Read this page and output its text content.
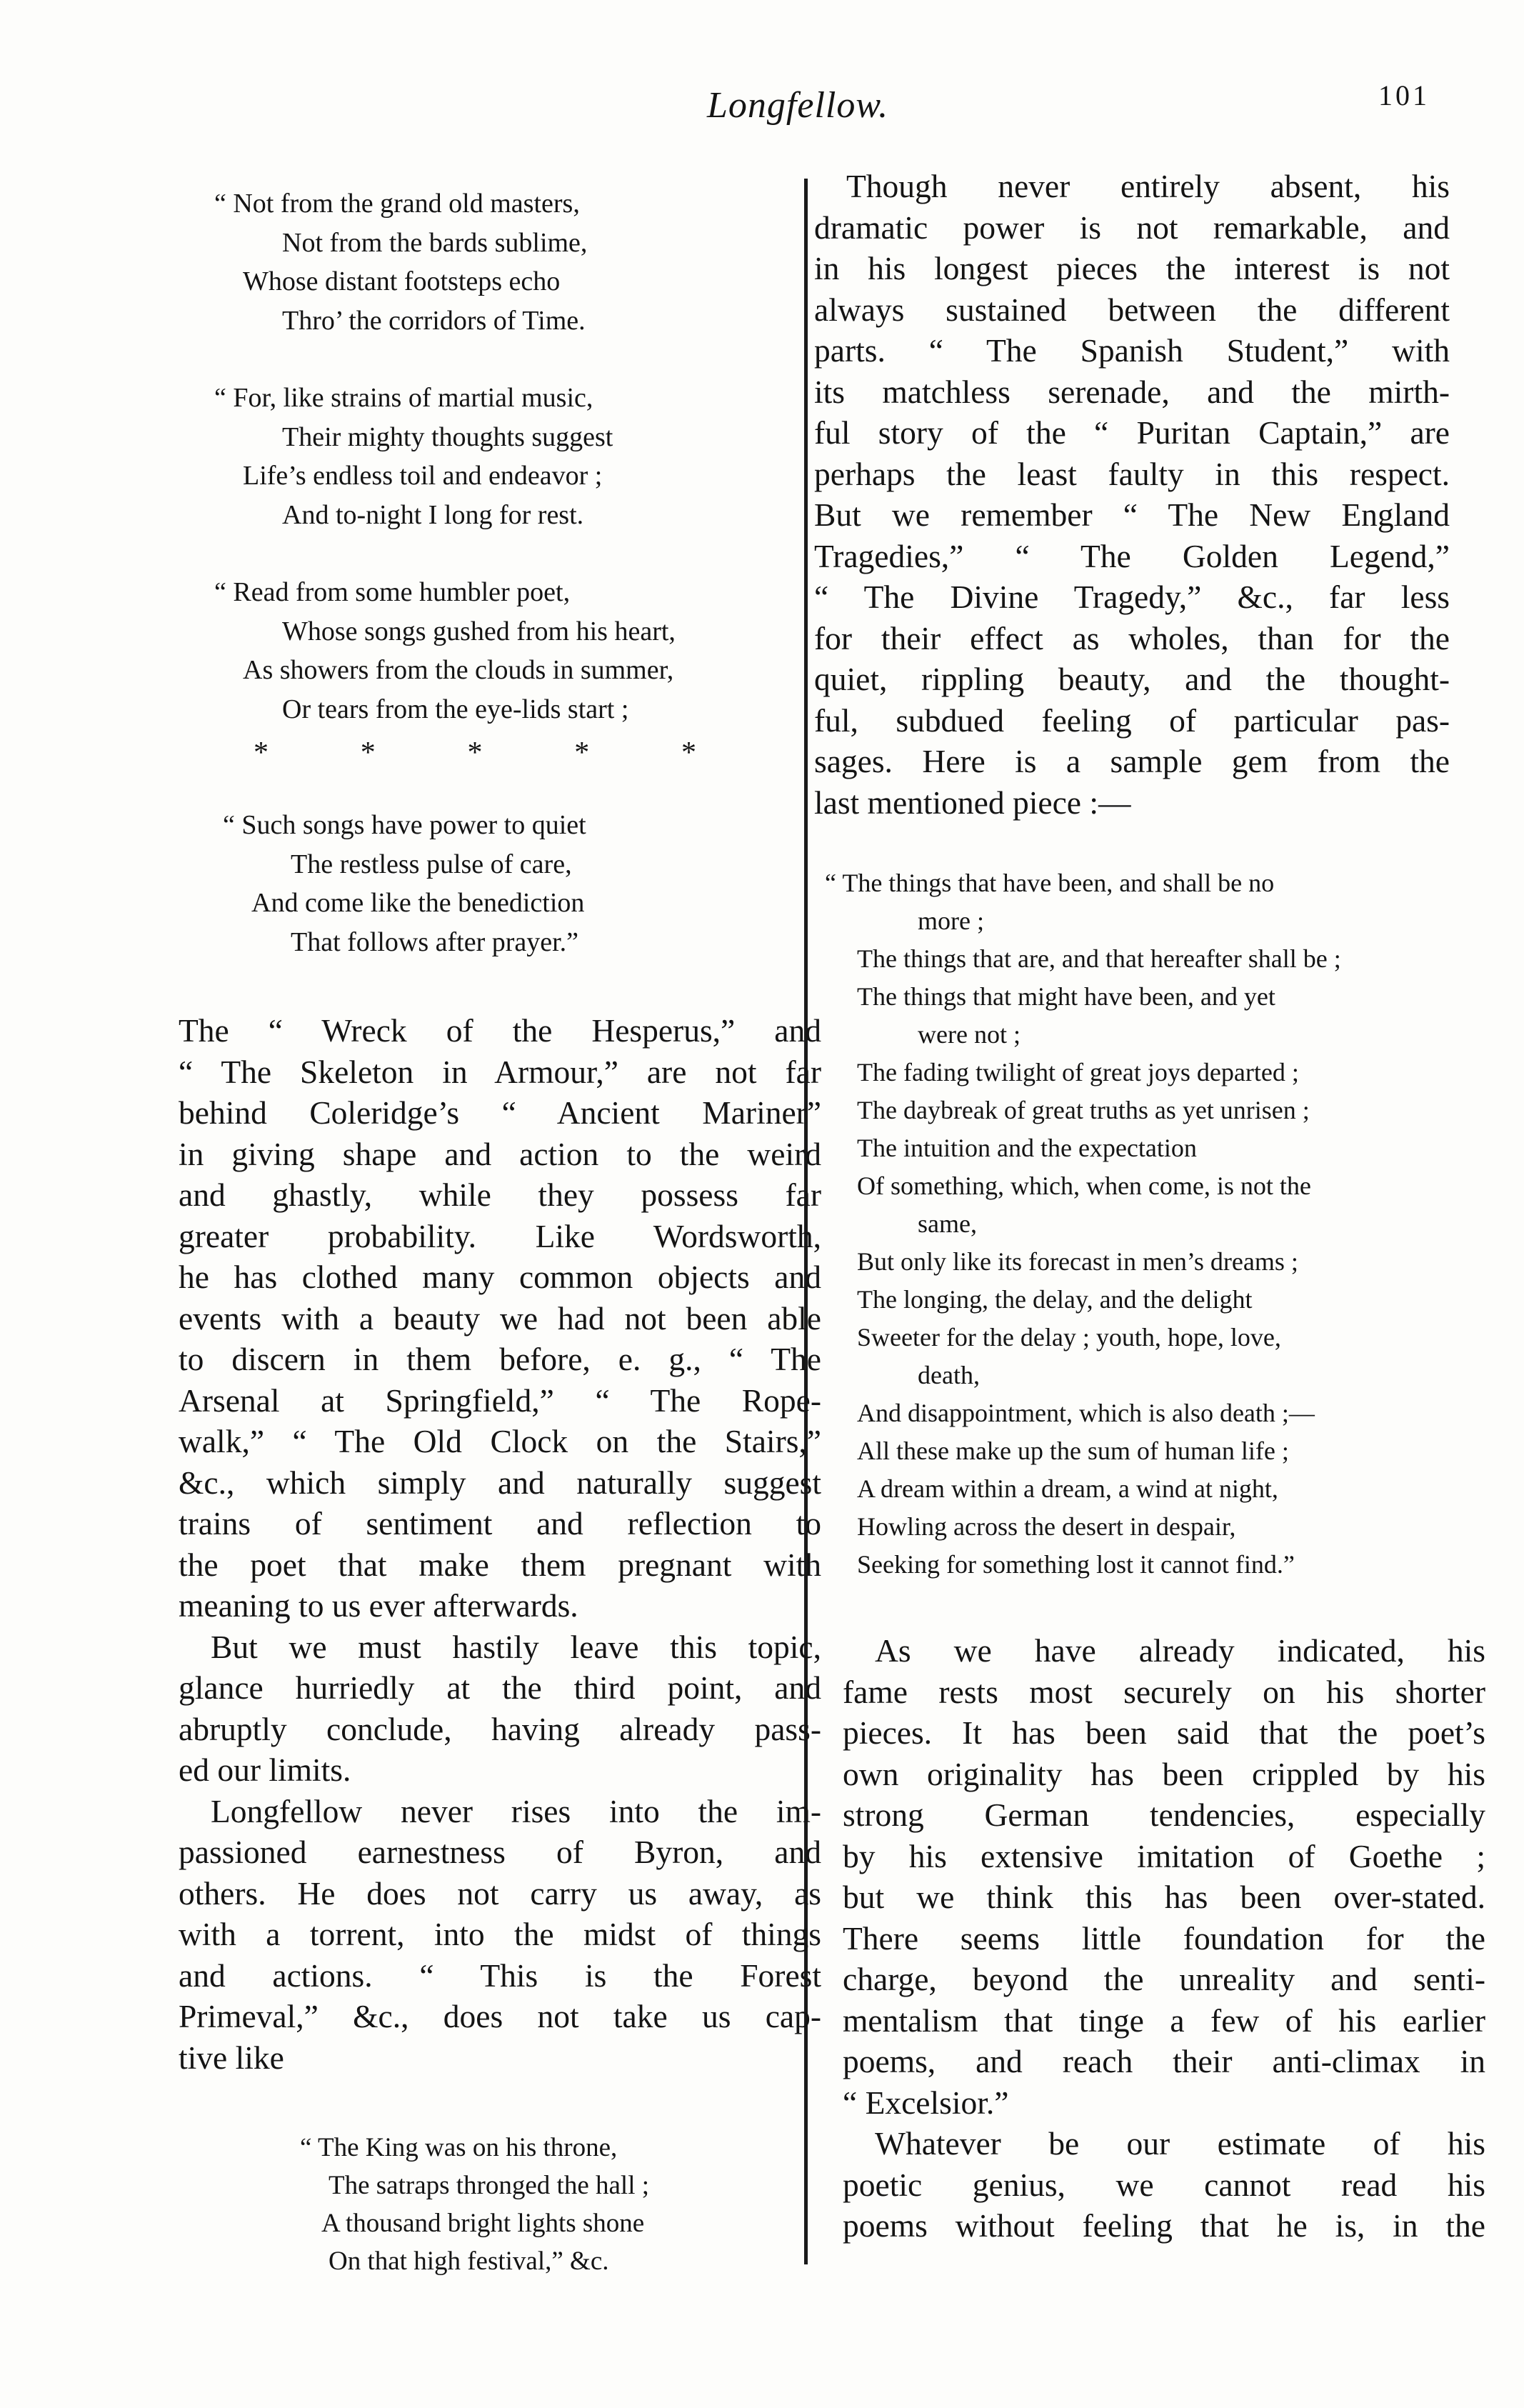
Longfellow.	101
“ Not from the grand old masters,
Not from the bards sublime,
Whose distant footsteps echo
Thro’ the corridors of Time.
“ For, like strains of martial music,
Their mighty thoughts suggest
Life’s endless toil and endeavor ;
And to-night I long for rest.
“ Read from some humbler poet,
Whose songs gushed from his heart,
As showers from the clouds in summer,
Or tears from the eye-lids start ;
*	*	*	*	*
“ Such songs have power to quiet
The restless pulse of care,
And come like the benediction
That follows after prayer.”
The “ Wreck of the Hesperus,” and
“ The Skeleton in Armour,” are not far
behind Coleridge’s “ Ancient Mariner”
in giving shape and action to the weird
and ghastly, while they possess far
greater probability. Like Wordsworth,
he has clothed many common objects and
events with a beauty we had not been able
to discern in them before, e. g., “ The
Arsenal at Springfield,” “ The Rope-
walk,” “ The Old Clock on the Stairs,”
&c., which simply and naturally suggest
trains of sentiment and reflection to
the poet that make them pregnant with
meaning to us ever afterwards.
But we must hastily leave this topic,
glance hurriedly at the third point, and
abruptly conclude, having already pass-
ed our limits.
Longfellow never rises into the im-
passioned earnestness of Byron, and
others. He does not carry us away, as
with a torrent, into the midst of things
and actions. “ This is the Forest
Primeval,” &c., does not take us cap-
tive like
“ The King was on his throne,
The satraps thronged the hall ;
A thousand bright lights shone
On that high festival,” &c.
Though never entirely absent, his
dramatic power is not remarkable, and
in his longest pieces the interest is not
always sustained between the different
parts. “ The Spanish Student,” with
its matchless serenade, and the mirth-
ful story of the “ Puritan Captain,” are
perhaps the least faulty in this respect.
But we remember “ The New England
Tragedies,” “ The Golden Legend,”
“ The Divine Tragedy,” &c., far less
for their effect as wholes, than for the
quiet, rippling beauty, and the thought-
ful, subdued feeling of particular pas-
sages. Here is a sample gem from the
last mentioned piece :—
“ The things that have been, and shall be no
more ;
The things that are, and that hereafter shall be ;
The things that might have been, and yet
were not ;
The fading twilight of great joys departed ;
The daybreak of great truths as yet unrisen ;
The intuition and the expectation
Of something, which, when come, is not the
same,
But only like its forecast in men’s dreams ;
The longing, the delay, and the delight
Sweeter for the delay ; youth, hope, love,
death,
And disappointment, which is also death ;—
All these make up the sum of human life ;
A dream within a dream, a wind at night,
Howling across the desert in despair,
Seeking for something lost it cannot find.”
As we have already indicated, his
fame rests most securely on his shorter
pieces. It has been said that the poet’s
own originality has been crippled by his
strong German tendencies, especially
by his extensive imitation of Goethe ;
but we think this has been over-stated.
There seems little foundation for the
charge, beyond the unreality and senti-
mentalism that tinge a few of his earlier
poems, and reach their anti-climax in
“ Excelsior.”
Whatever be our estimate of his
poetic genius, we cannot read his
poems without feeling that he is, in the
